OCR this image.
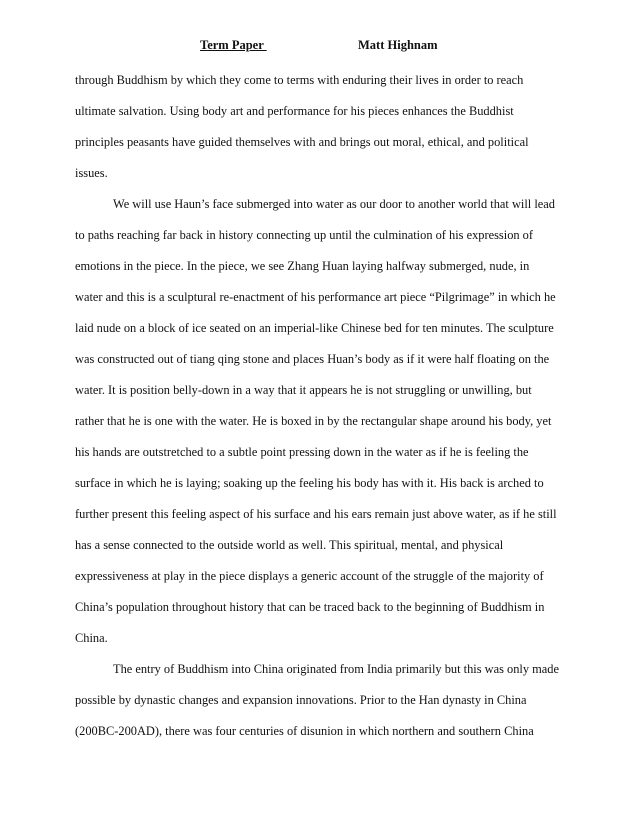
Term Paper	Matt Highnam
through Buddhism by which they come to terms with enduring their lives in order to reach
ultimate salvation. Using body art and performance for his pieces enhances the Buddhist
principles peasants have guided themselves with and brings out moral, ethical, and political
issues.
We will use Haun’s face submerged into water as our door to another world that will lead
to paths reaching far back in history connecting up until the culmination of his expression of
emotions in the piece. In the piece, we see Zhang Huan laying halfway submerged, nude, in
water and this is a sculptural re-enactment of his performance art piece “Pilgrimage” in which he
laid nude on a block of ice seated on an imperial-like Chinese bed for ten minutes. The sculpture
was constructed out of tiang qing stone and places Huan’s body as if it were half floating on the
water. It is position belly-down in a way that it appears he is not struggling or unwilling, but
rather that he is one with the water. He is boxed in by the rectangular shape around his body, yet
his hands are outstretched to a subtle point pressing down in the water as if he is feeling the
surface in which he is laying; soaking up the feeling his body has with it. His back is arched to
further present this feeling aspect of his surface and his ears remain just above water, as if he still
has a sense connected to the outside world as well. This spiritual, mental, and physical
expressiveness at play in the piece displays a generic account of the struggle of the majority of
China’s population throughout history that can be traced back to the beginning of Buddhism in
China.
The entry of Buddhism into China originated from India primarily but this was only made
possible by dynastic changes and expansion innovations. Prior to the Han dynasty in China
(200BC-200AD), there was four centuries of disunion in which northern and southern China
